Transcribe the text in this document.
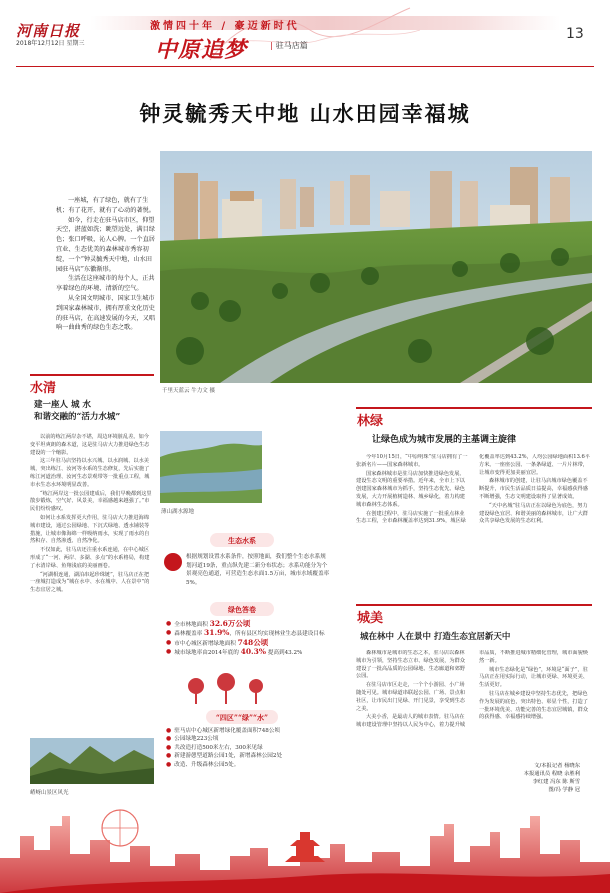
河南日报
2018年12月12日 星期三
激情四十年 / 豪迈新时代
中原追梦	| 驻马店篇
13
钟灵毓秀天中地 山水田园幸福城
千里天蓝云 牛力文 摄

一座城，有了绿色，就有了生机；有了花开，就有了心动的著悦。

如今，行走在驻马店市区，仰望天空，湛蓝如洗；眺望远处，满目绿色；张口呼吸，沁人心脾。一个直居宜业、生态优美的森林城市秀容初绽，一个“钟灵毓秀天中地，山水田园驻马店”东徽渐形。

生活在这座城市的每个人，正共享着绿色的环境、清新的空气。

从全国文明城市、国家卫生城市到国家森林城市，拥有厚重文化历史的驻马店，在高速发展的今天，又唱响一曲曲秀的绿色生态之歌。

水清
建一座人 城 水
和谐交融的“活力水城”

以前的练江两岸杂不堪，周边环境脏乱差。如今变平坦爽朗的森木道，这是驻马店大力推进绿色生态建设的一个缩影。

这三年驻马店坚持以水兴城、以水润城、以水美城，突出练江、汝河等水系的生态修复，先后实施了练江河道治理、汝河生态景观带等一批重点工程，城市水生态水环境明显改善。

“练江两岸这一批公园建成后，我们早晚都到这里散步锻炼，空气好、风景美，幸福感越来越强了。”市民们纷纷感叹。

如何让水系发挥更大作用，驻马店大力推进海绵城市建设，通过公园绿地、下沉式绿地、透水铺装等措施，让城市像海绵一样吸纳雨水，实现了雨水的自然积存、自然渗透、自然净化。

不仅如此，驻马店还注重水系连通，在中心城区形成了“一河、两岸、多湖、多点”的水系格局，构建了水清岸绿、鱼翔浅底的美丽画卷。

“河湖相连通，湖泊串起珍珠链”，驻马店正在把一座城打造成为“城在水中、水在城中、人在景中”的生态宜居之城。

嵖岈山景区风光
薄山湖水源地
生态水系
根据规划设置水系条件，按照地面，我们整个生态水系规划河道19条，重点纵先建二新分布状态；水系功能分为个景观亮色通道，可营造生态水面1.5万亩，城市水域覆盖率5%。
绿色答卷
● 全市林地面积 32.6万公顷
● 森林覆盖率 31.9%，所有县区均实现林业生态县建设目标
● 市中心城区新增绿地面积 748公顷
● 城市绿地率由2014年底的 40.3% 提高到43.2%
“四区”“绿”“水”
● 驻马店中心城区新增绿化覆盖面积748公顷
● 公园绿地223公顷
● 共改造打造500米左右，300米见绿
● 新建游憩型道路公园1处，新增森林公园2处
● 改造、升级森林公园5处。
林绿
让绿色成为城市发展的主基调主旋律

今年10月15日，“中原明珠”驻马店拥有了一张新名片——国家森林城市。

国家森林城市是驻马店加快推进绿色发展、建设生态文明的重要举措。近年来，全市上下以创建国家森林城市为抓手，坚持生态优先、绿色发展，大力开展植树造林、城乡绿化，着力构建城市森林生态体系。

在创建过程中，驻马店实施了一批重点林业生态工程，全市森林覆盖率达到31.9%，城区绿化覆盖率达到43.2%，人均公园绿地面积13.6平方米。一座座公园、一条条绿道、一片片林带，让城市变得更加美丽宜居。

森林城市的创建，让驻马店城市绿色覆盖不断提升，市民生活品质日益提高，幸福感获得感不断增强，生态文明建设取得了显著成效。

“天中名城”驻马店正在以绿色为底色，努力建设绿色宜居、和谐美丽的森林城市，让广大群众共享绿色发展的生态红利。

城美
城在林中 人在景中 打造生态宜居新天中

森林城市是城市的生态之本，驻马店以森林城市为引领，坚持生态立市、绿色发展，为群众建设了一批高品质的公园绿地、生态廊道和郊野公园。

在驻马店市区走走，一个个小游园、小广场随处可见。城市绿道串联起公园、广场、景点和社区，让市民出门见绿、开门见景，享受到生态之美。

大美小香，是最动人的城市表情。驻马店在城市建设管理中坚持以人民为中心，着力提升城市品质，不断推进城市精细化管理，城市面貌焕然一新。

城市生态绿化是“绿色”，环境是“面子”，驻马店正在用实际行动，让城市更绿、环境更美、生活更好。

驻马店在城乡建设中坚持生态优先，把绿色作为发展的底色，突出特色、彰显个性，打造了一批环境优美、功能完善的生态宜居城镇，群众的获得感、幸福感持续增强。

文/本报记者 杨晓东
本报通讯员 程晓 余胜利
李红建 冯东 陈 斯雪
图/冯 学静 冠
